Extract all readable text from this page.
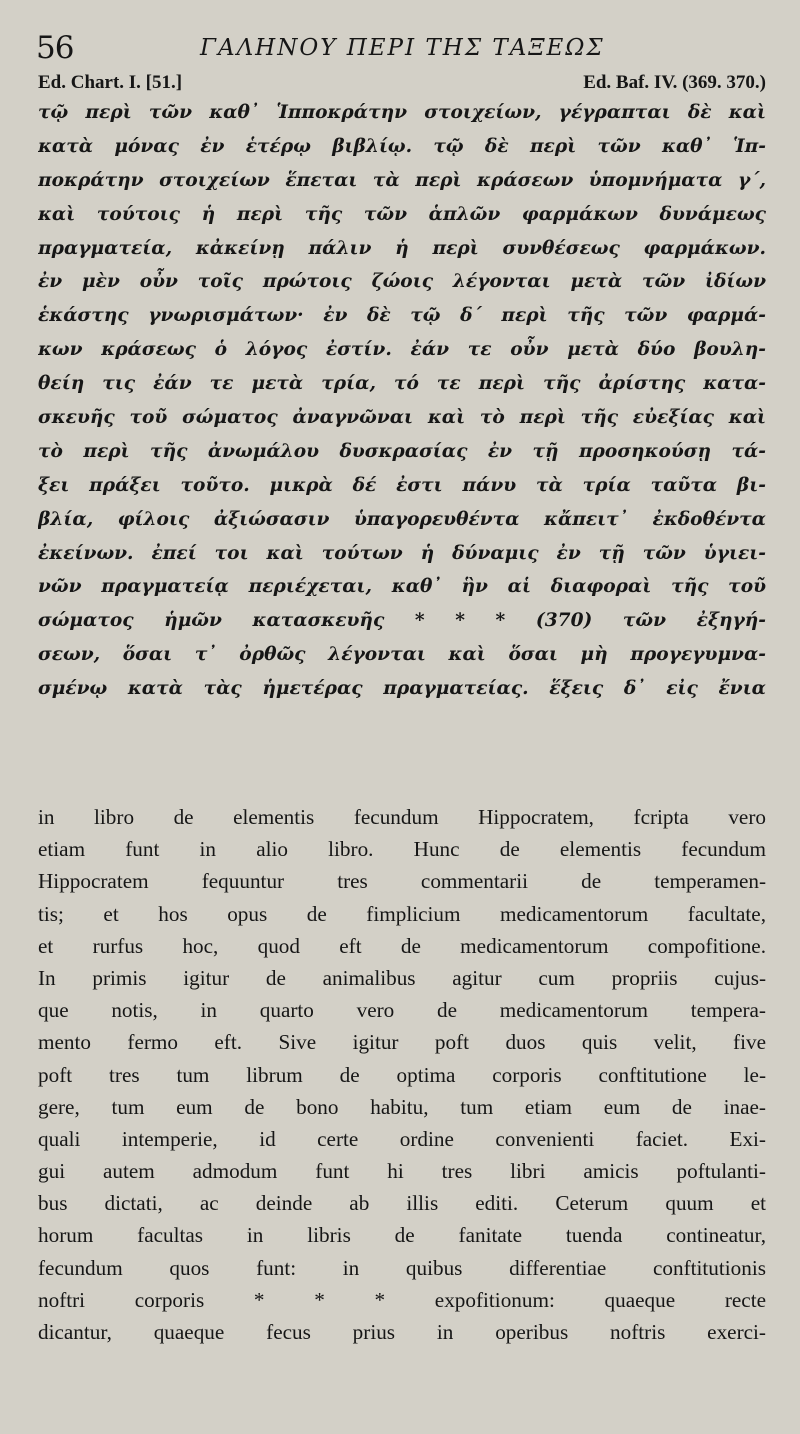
56	ΓΑΛΗΝΟΥ ΠΕΡΙ ΤΗΣ ΤΑΞΕΩΣ
Ed. Chart. I. [51.]	Ed. Baf. IV. (369. 370.)
τῷ περὶ τῶν καθ᾽ Ἱπποκράτην στοιχείων, γέγραπται δὲ καὶ
κατὰ μόνας ἐν ἑτέρῳ βιβλίῳ. τῷ δὲ περὶ τῶν καθ᾽ Ἱπ-
ποκράτην στοιχείων ἕπεται τὰ περὶ κράσεων ὑπομνήματα γ΄,
καὶ τούτοις ἡ περὶ τῆς τῶν ἁπλῶν φαρμάκων δυνάμεως
πραγματεία, κἀκείνῃ πάλιν ἡ περὶ συνθέσεως φαρμάκων.
ἐν μὲν οὖν τοῖς πρώτοις ζώοις λέγονται μετὰ τῶν ἰδίων
ἑκάστης γνωρισμάτων· ἐν δὲ τῷ δ΄ περὶ τῆς τῶν φαρμά-
κων κράσεως ὁ λόγος ἐστίν. ἐάν τε οὖν μετὰ δύο βουλη-
θείη τις ἐάν τε μετὰ τρία, τό τε περὶ τῆς ἀρίστης κατα-
σκευῆς τοῦ σώματος ἀναγνῶναι καὶ τὸ περὶ τῆς εὐεξίας καὶ
τὸ περὶ τῆς ἀνωμάλου δυσκρασίας ἐν τῇ προσηκούσῃ τά-
ξει πράξει τοῦτο. μικρὰ δέ ἐστι πάνυ τὰ τρία ταῦτα βι-
βλία, φίλοις ἀξιώσασιν ὑπαγορευθέντα κἄπειτ᾽ ἐκδοθέντα
ἐκείνων. ἐπεί τοι καὶ τούτων ἡ δύναμις ἐν τῇ τῶν ὑγιει-
νῶν πραγματείᾳ περιέχεται, καθ᾽ ἣν αἱ διαφοραὶ τῆς τοῦ
σώματος ἡμῶν κατασκευῆς * * * (370) τῶν ἐξηγή-
σεων, ὅσαι τ᾽ ὀρθῶς λέγονται καὶ ὅσαι μὴ προγεγυμνα-
σμένῳ κατὰ τὰς ἡμετέρας πραγματείας. ἕξεις δ᾽ εἰς ἔνια
in libro de elementis fecundum Hippocratem, fcripta vero
etiam funt in alio libro. Hunc de elementis fecundum
Hippocratem fequuntur tres commentarii de temperamen-
tis; et hos opus de fimplicium medicamentorum facultate,
et rurfus hoc, quod eft de medicamentorum compofitione.
In primis igitur de animalibus agitur cum propriis cujus-
que notis, in quarto vero de medicamentorum tempera-
mento fermo eft. Sive igitur poft duos quis velit, five
poft tres tum librum de optima corporis conftitutione le-
gere, tum eum de bono habitu, tum etiam eum de inae-
quali intemperie, id certe ordine convenienti faciet. Exi-
gui autem admodum funt hi tres libri amicis poftulanti-
bus dictati, ac deinde ab illis editi. Ceterum quum et
horum facultas in libris de fanitate tuenda contineatur,
fecundum quos funt: in quibus differentiae conftitutionis
noftri corporis * * * expofitionum: quaeque recte
dicantur, quaeque fecus prius in operibus noftris exerci-
